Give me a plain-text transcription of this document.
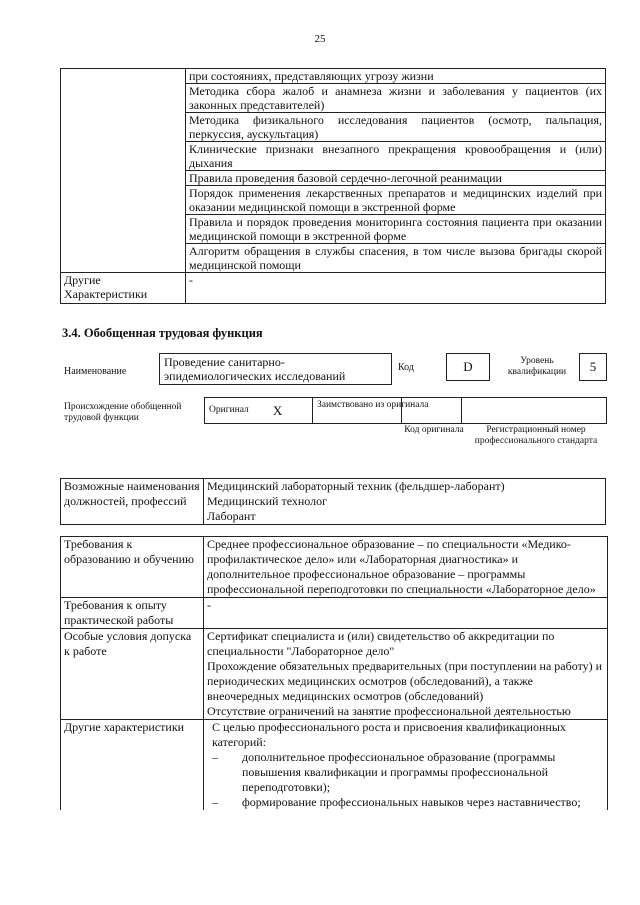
25
	при состояниях, представляющих угрозу жизни
	Методика сбора жалоб и анамнеза жизни и заболевания у пациентов (их законных представителей)
	Методика физикального исследования пациентов (осмотр, пальпация, перкуссия, аускультация)
	Клинические признаки внезапного прекращения кровообращения и (или) дыхания
	Правила проведения базовой сердечно-легочной реанимации
	Порядок применения лекарственных препаратов и медицинских изделий при оказании медицинской помощи в экстренной форме
	Правила и порядок проведения мониторинга состояния пациента при оказании медицинской помощи в экстренной форме
	Алгоритм обращения в службы спасения, в том числе вызова бригады скорой медицинской помощи
Другие Характеристики	-
3.4. Обобщенная трудовая функция
Наименование
Проведение санитарно-эпидемиологических исследований
Код	D	Уровень квалификации	5
Происхождение обобщенной трудовой функции
Оригинал X	Заимствовано из оригинала
Код оригинала	Регистрационный номер профессионального стандарта
Возможные наименования должностей, профессий	
Медицинский лабораторный техник (фельдшер-лаборант)
Медицинский технолог
Лаборант
Требования к образованию и обучению	Среднее профессиональное образование – по специальности «Медико-профилактическое дело» или «Лабораторная диагностика» и дополнительное профессиональное образование – программы профессиональной переподготовки по специальности «Лабораторное дело»
Требования к опыту практической работы	-
Особые условия допуска к работе	Сертификат специалиста и (или) свидетельство об аккредитации по специальности "Лабораторное дело"
Прохождение обязательных предварительных (при поступлении на работу) и периодических медицинских осмотров (обследований), а также внеочередных медицинских осмотров (обследований)
Отсутствие ограничений на занятие профессиональной деятельностью

Другие характеристики	С целью профессионального роста и присвоения квалификационных категорий:
– дополнительное профессиональное образование (программы повышения квалификации и программы профессиональной переподготовки);
– формирование профессиональных навыков через наставничество;
